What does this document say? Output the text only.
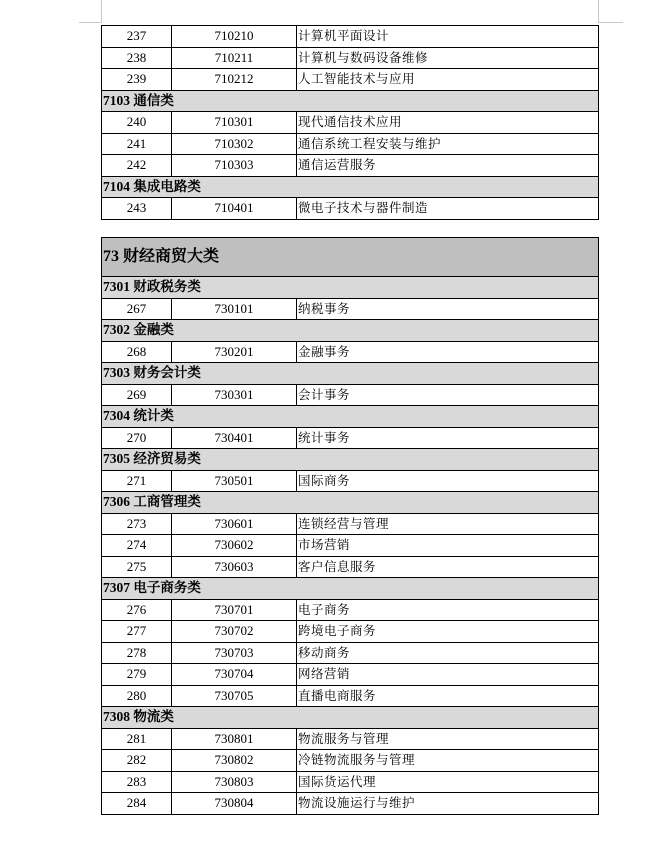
237	710210	计算机平面设计
238	710211	计算机与数码设备维修
239	710212	人工智能技术与应用
7103 通信类		
240	710301	现代通信技术应用
241	710302	通信系统工程安装与维护
242	710303	通信运营服务
7104 集成电路类		
243	710401	微电子技术与器件制造
73 财经商贸大类		
7301 财政税务类		
267	730101	纳税事务
7302 金融类		
268	730201	金融事务
7303 财务会计类		
269	730301	会计事务
7304 统计类		
270	730401	统计事务
7305 经济贸易类		
271	730501	国际商务
7306 工商管理类		
273	730601	连锁经营与管理
274	730602	市场营销
275	730603	客户信息服务
7307 电子商务类		
276	730701	电子商务
277	730702	跨境电子商务
278	730703	移动商务
279	730704	网络营销
280	730705	直播电商服务
7308 物流类		
281	730801	物流服务与管理
282	730802	冷链物流服务与管理
283	730803	国际货运代理
284	730804	物流设施运行与维护
